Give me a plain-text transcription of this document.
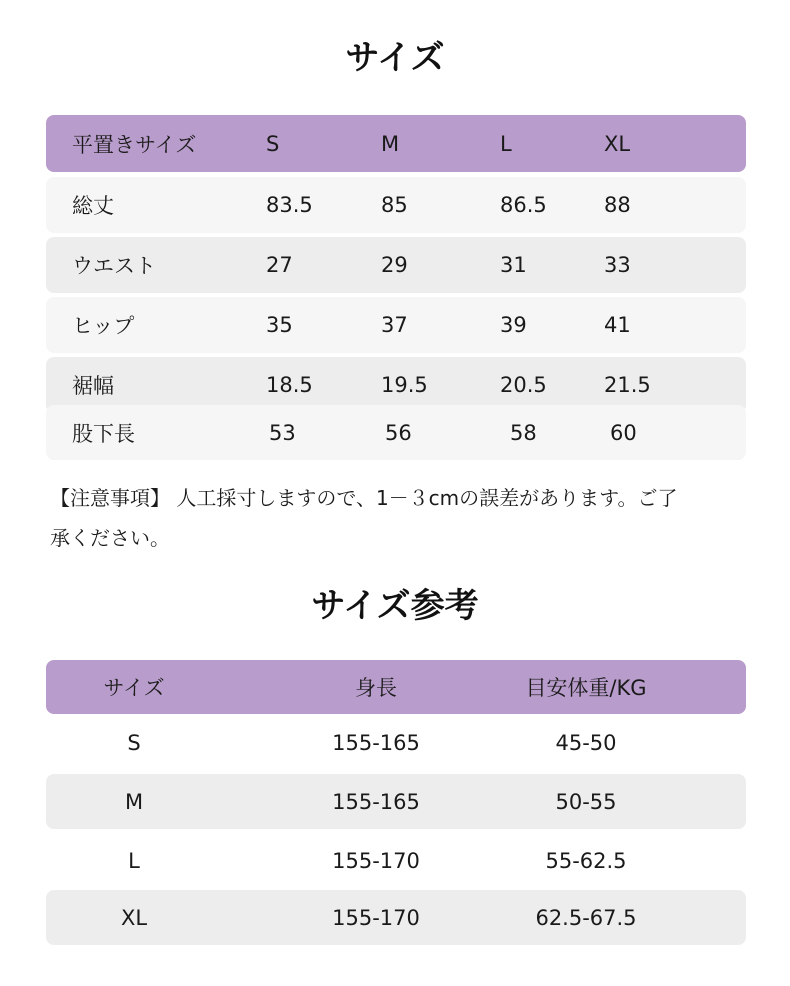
サイズ
平置きサイズ	S	M	L	XL
総丈	83.5	85	86.5	88
ウエスト	27	29	31	33
ヒップ	35	37	39	41
裾幅	18.5	19.5	20.5	21.5
股下長	53	56	58	60
【注意事項】 人工採寸しますので、1－３cmの誤差があります。ご了
承ください。
サイズ参考
サイズ	身長	目安体重/KG
S	155-165	45-50
M	155-165	50-55
L	155-170	55-62.5
XL	155-170	62.5-67.5
